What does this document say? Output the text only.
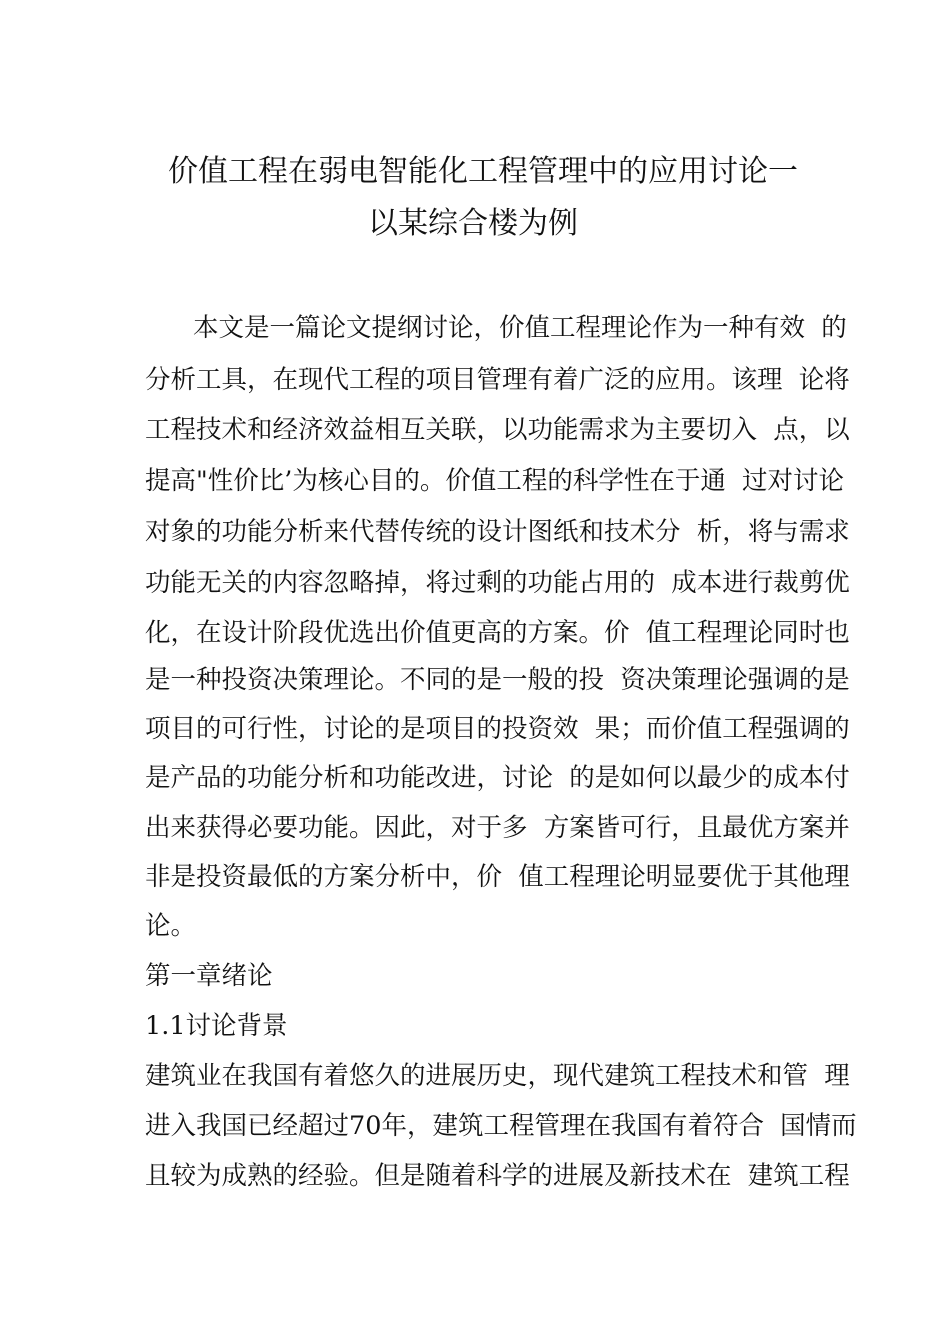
价值工程在弱电智能化工程管理中的应用讨论一
以某综合楼为例
本文是一篇论文提纲讨论，价值工程理论作为一种有效  的
分析工具，在现代工程的项目管理有着广泛的应用。该理  论将
工程技术和经济效益相互关联，以功能需求为主要切入  点，以
提高"性价比’为核心目的。价值工程的科学性在于通  过对讨论
对象的功能分析来代替传统的设计图纸和技术分  析，将与需求
功能无关的内容忽略掉，将过剩的功能占用的  成本进行裁剪优
化，在设计阶段优选出价值更高的方案。价  值工程理论同时也
是一种投资决策理论。不同的是一般的投  资决策理论强调的是
项目的可行性，讨论的是项目的投资效  果；而价值工程强调的
是产品的功能分析和功能改进，讨论  的是如何以最少的成本付
出来获得必要功能。因此，对于多  方案皆可行，且最优方案并
非是投资最低的方案分析中，价  值工程理论明显要优于其他理
论。
第一章绪论
1.1讨论背景
建筑业在我国有着悠久的进展历史，现代建筑工程技术和管  理
进入我国已经超过70年，建筑工程管理在我国有着符合  国情而
且较为成熟的经验。但是随着科学的进展及新技术在  建筑工程
